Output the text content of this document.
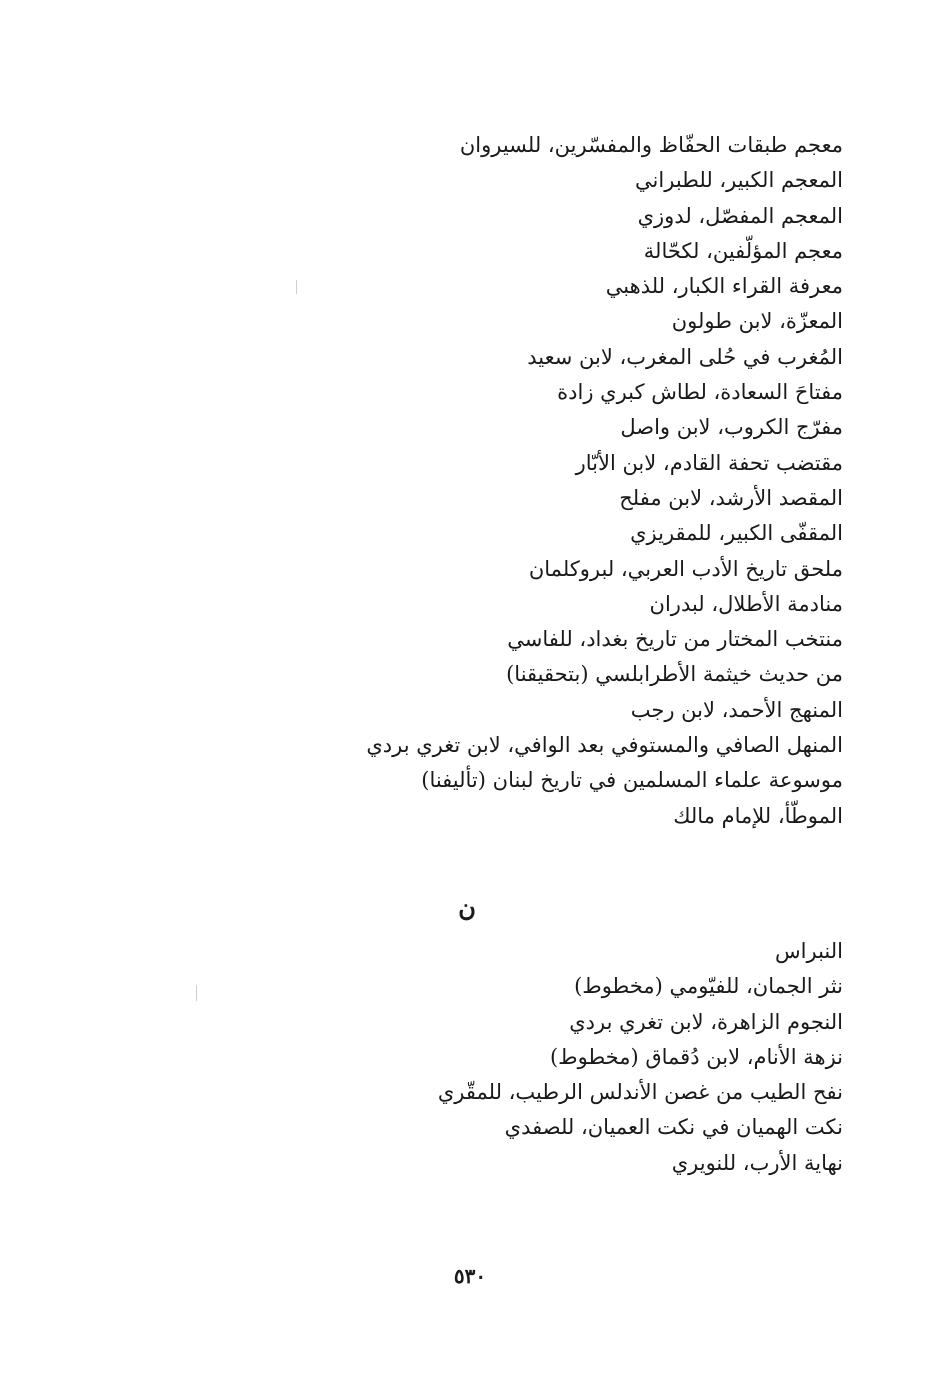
معجم طبقات الحفّاظ والمفسّرين، للسيروان
المعجم الكبير، للطبراني
المعجم المفصّل، لدوزي
معجم المؤلّفين، لكحّالة
معرفة القراء الكبار، للذهبي
المعزّة، لابن طولون
المُغرب في حُلى المغرب، لابن سعيد
مفتاحَ السعادة، لطاش كبري زادة
مفرّج الكروب، لابن واصل
مقتضب تحفة القادم، لابن الأبّار
المقصد الأرشد، لابن مفلح
المقفّى الكبير، للمقريزي
ملحق تاريخ الأدب العربي، لبروكلمان
منادمة الأطلال، لبدران
منتخب المختار من تاريخ بغداد، للفاسي
من حديث خيثمة الأطرابلسي (بتحقيقنا)
المنهج الأحمد، لابن رجب
المنهل الصافي والمستوفي بعد الوافي، لابن تغري بردي
موسوعة علماء المسلمين في تاريخ لبنان (تأليفنا)
الموطّأ، للإمام مالك
ن
النبراس
نثر الجمان، للفيّومي (مخطوط)
النجوم الزاهرة، لابن تغري بردي
نزهة الأنام، لابن دُقماق (مخطوط)
نفح الطيب من غصن الأندلس الرطيب، للمقّري
نكت الهميان في نكت العميان، للصفدي
نهاية الأرب، للنويري
٥٣٠
